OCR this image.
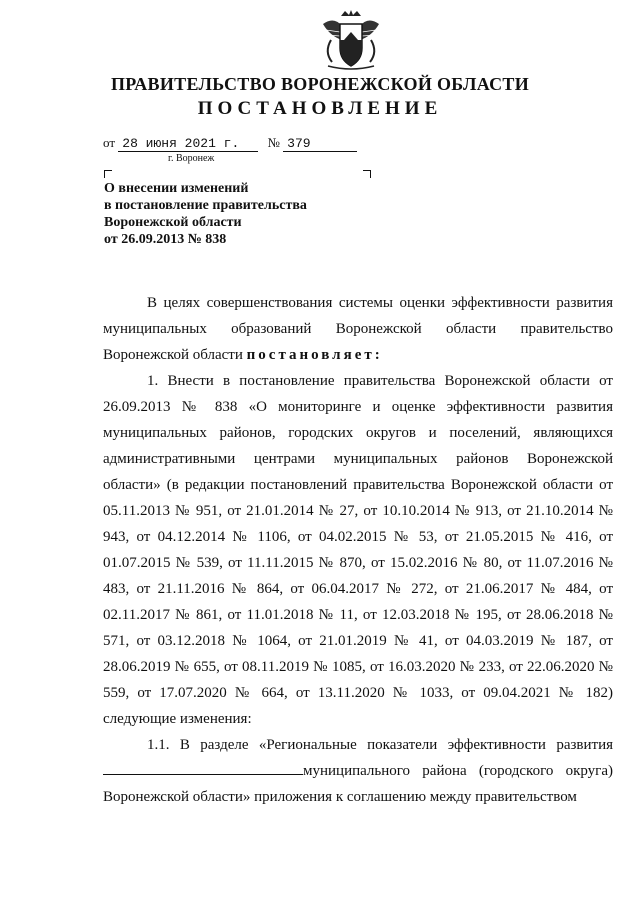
ПРАВИТЕЛЬСТВО ВОРОНЕЖСКОЙ ОБЛАСТИ
ПОСТАНОВЛЕНИЕ
от 28 июня 2021 г. № 379
г. Воронеж
О внесении изменений
в постановление правительства
Воронежской области
от 26.09.2013 № 838

В целях совершенствования системы оценки эффективности развития муниципальных образований Воронежской области правительство Воронежской области постановляет:

1. Внести в постановление правительства Воронежской области от 26.09.2013 № 838 «О мониторинге и оценке эффективности развития муниципальных районов, городских округов и поселений, являющихся административными центрами муниципальных районов Воронежской области» (в редакции постановлений правительства Воронежской области от 05.11.2013 № 951, от 21.01.2014 № 27, от 10.10.2014 № 913, от 21.10.2014 № 943, от 04.12.2014 № 1106, от 04.02.2015 № 53, от 21.05.2015 № 416, от 01.07.2015 № 539, от 11.11.2015 № 870, от 15.02.2016 № 80, от 11.07.2016 № 483, от 21.11.2016 № 864, от 06.04.2017 № 272, от 21.06.2017 № 484, от 02.11.2017 № 861, от 11.01.2018 № 11, от 12.03.2018 № 195, от 28.06.2018 № 571, от 03.12.2018 № 1064, от 21.01.2019 № 41, от 04.03.2019 № 187, от 28.06.2019 № 655, от 08.11.2019 № 1085, от 16.03.2020 № 233, от 22.06.2020 № 559, от 17.07.2020 № 664, от 13.11.2020 № 1033, от 09.04.2021 № 182) следующие изменения:

1.1. В разделе «Региональные показатели эффективности развития муниципального района (городского округа) Воронежской области» приложения к соглашению между правительством
